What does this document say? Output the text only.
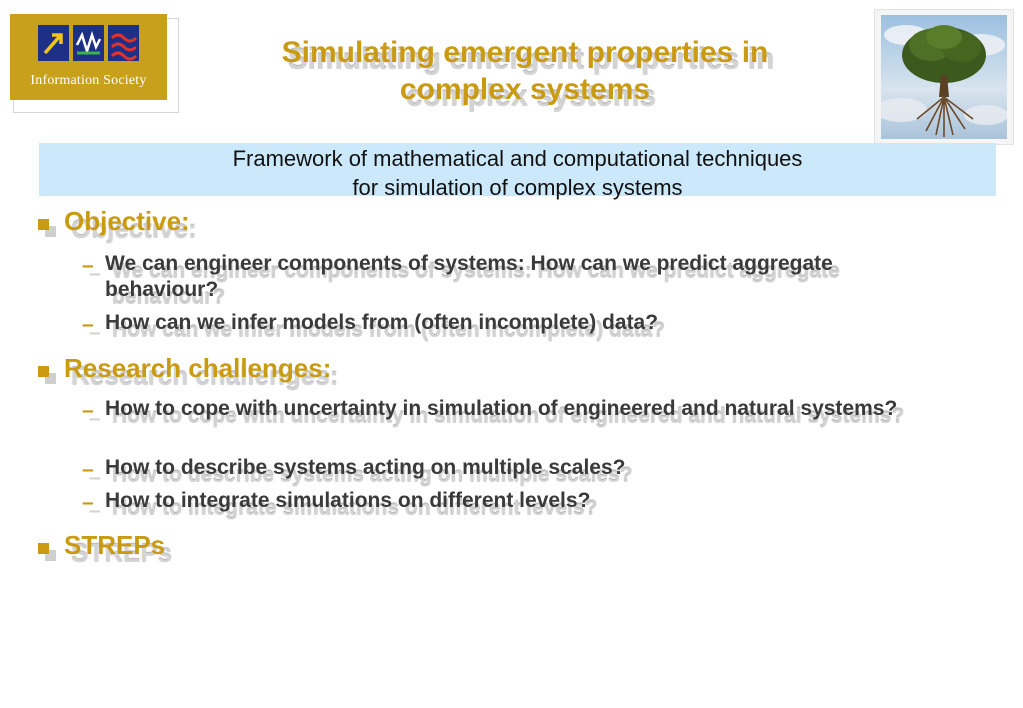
Information Society
Simulating emergent properties in
complex systems
Framework of mathematical and computational techniques
for simulation of complex systems
Objective:
– We can engineer components of systems: How can we predict aggregate behaviour?
– How can we infer models from (often incomplete) data?
Research challenges:
– How to cope with uncertainty in simulation of engineered and natural systems?
– How to describe systems acting on multiple scales?
– How to integrate simulations on different levels?
STREPs
